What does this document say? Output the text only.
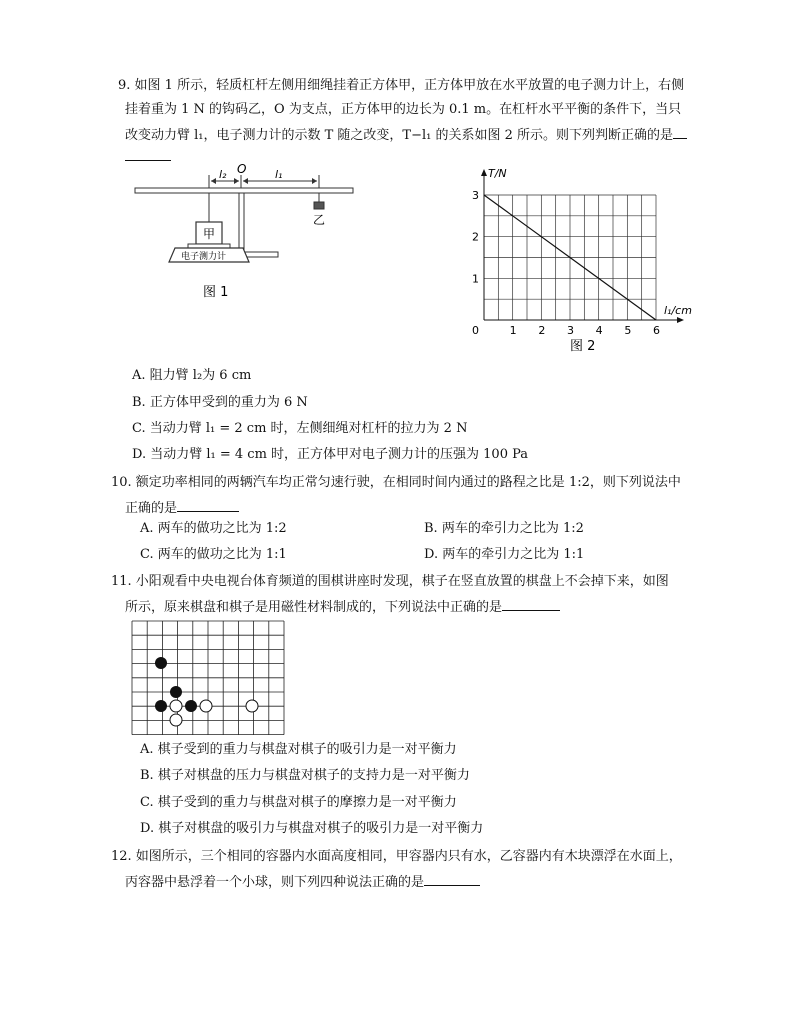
9. 如图 1 所示，轻质杠杆左侧用细绳挂着正方体甲，正方体甲放在水平放置的电子测力计上，右侧
挂着重为 1 N 的钩码乙，O 为支点，正方体甲的边长为 0.1 m。在杠杆水平平衡的条件下，当只
改变动力臂 l₁，电子测力计的示数 T 随之改变，T−l₁ 的关系如图 2 所示。则下列判断正确的是
l₂ O	l₁
甲
电子测力计
乙
图 1
1 2 3 4 5 6
1
2
3
T/N
l₁/cm
0
图 2
A. 阻力臂 l₂为 6 cm
B. 正方体甲受到的重力为 6 N
C. 当动力臂 l₁ = 2 cm 时，左侧细绳对杠杆的拉力为 2 N
D. 当动力臂 l₁ = 4 cm 时，正方体甲对电子测力计的压强为 100 Pa
10. 额定功率相同的两辆汽车均正常匀速行驶，在相同时间内通过的路程之比是 1:2，则下列说法中
正确的是
A. 两车的做功之比为 1:2	B. 两车的牵引力之比为 1:2
C. 两车的做功之比为 1:1	D. 两车的牵引力之比为 1:1
11. 小阳观看中央电视台体育频道的围棋讲座时发现，棋子在竖直放置的棋盘上不会掉下来，如图
所示，原来棋盘和棋子是用磁性材料制成的，下列说法中正确的是
A. 棋子受到的重力与棋盘对棋子的吸引力是一对平衡力
B. 棋子对棋盘的压力与棋盘对棋子的支持力是一对平衡力
C. 棋子受到的重力与棋盘对棋子的摩擦力是一对平衡力
D. 棋子对棋盘的吸引力与棋盘对棋子的吸引力是一对平衡力
12. 如图所示，三个相同的容器内水面高度相同，甲容器内只有水，乙容器内有木块漂浮在水面上，
丙容器中悬浮着一个小球，则下列四种说法正确的是
